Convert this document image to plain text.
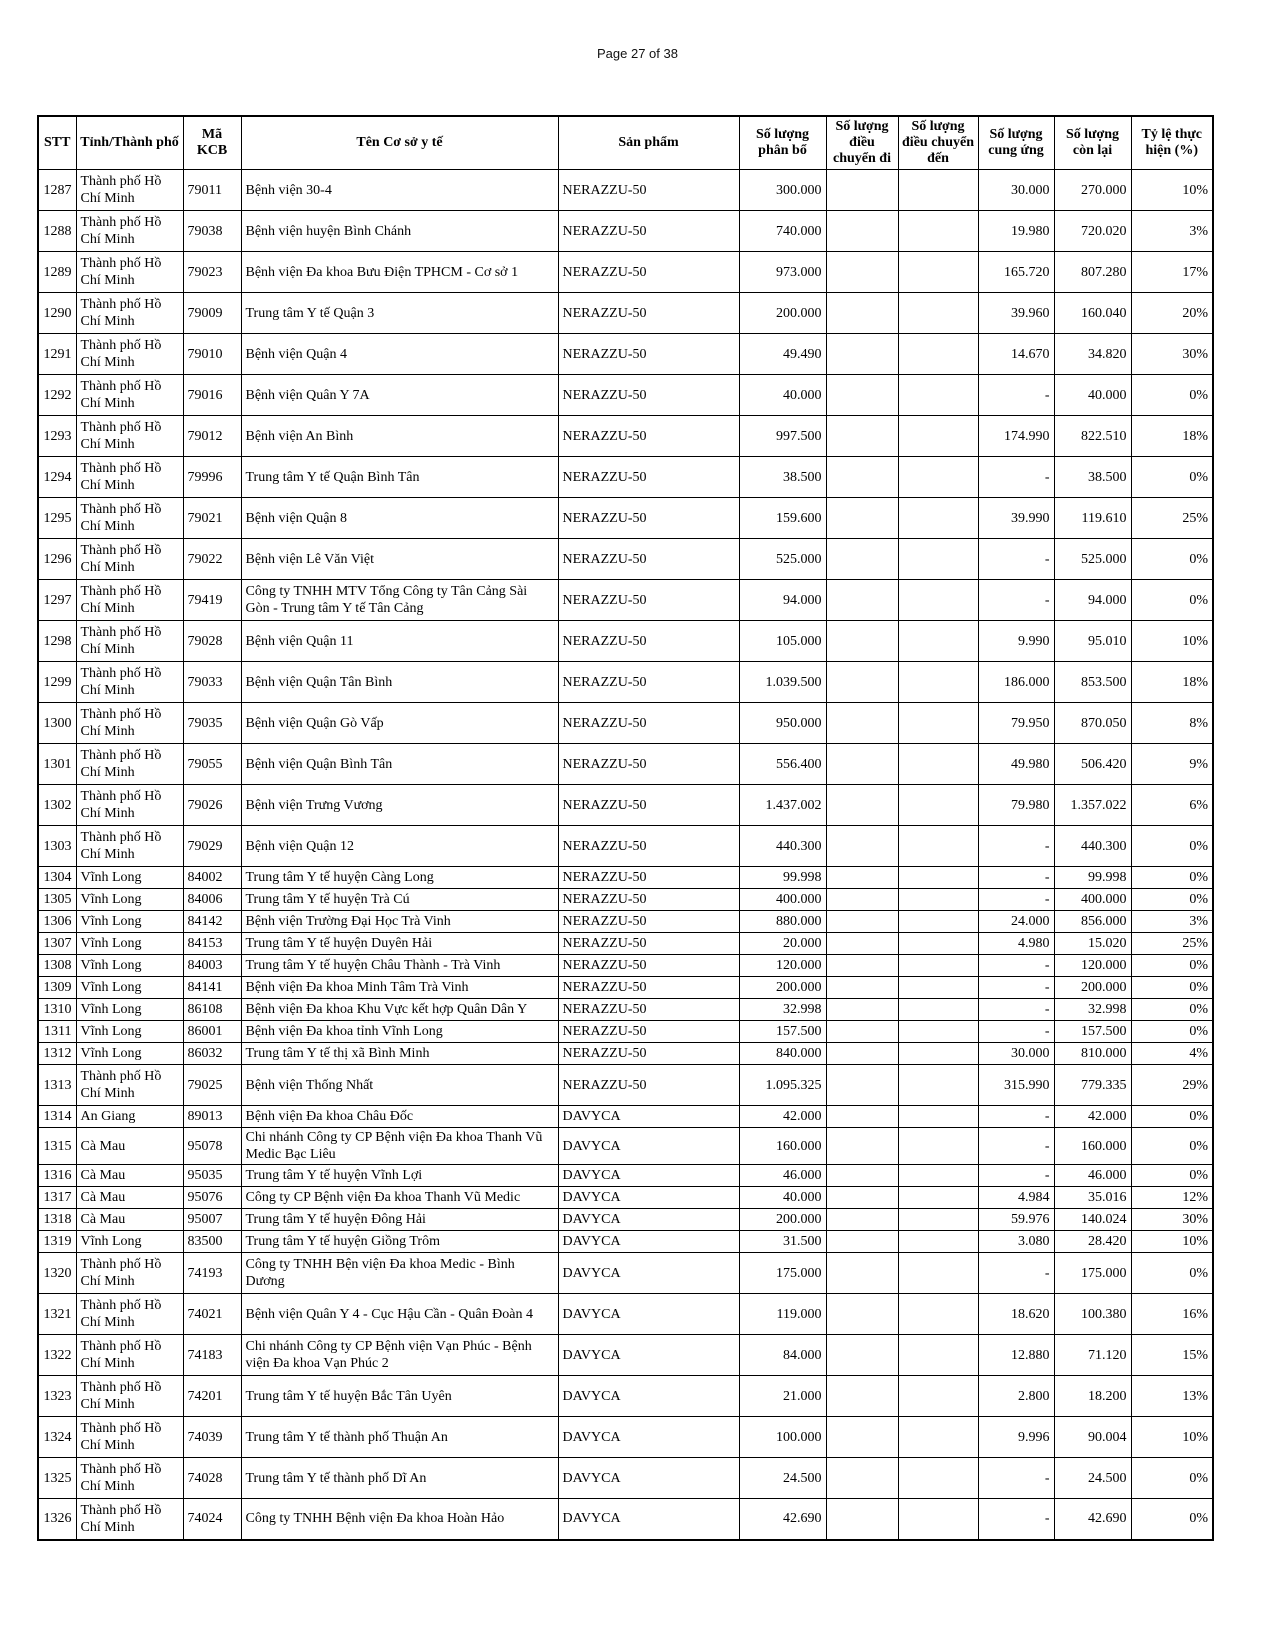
Page 27 of 38
STT	Tỉnh/Thành phố	Mã KCB	Tên Cơ sở y tế	Sản phẩm	Số lượng phân bổ	Số lượng điều chuyển đi	Số lượng điều chuyển đến	Số lượng cung ứng	Số lượng còn lại	Tỷ lệ thực hiện (%)
1287	Thành phố Hồ Chí Minh	79011	Bệnh viện 30-4	NERAZZU-50	300.000			30.000	270.000	10%
1288	Thành phố Hồ Chí Minh	79038	Bệnh viện huyện Bình Chánh	NERAZZU-50	740.000			19.980	720.020	3%
1289	Thành phố Hồ Chí Minh	79023	Bệnh viện Đa khoa Bưu Điện TPHCM - Cơ sở 1	NERAZZU-50	973.000			165.720	807.280	17%
1290	Thành phố Hồ Chí Minh	79009	Trung tâm Y tế Quận 3	NERAZZU-50	200.000			39.960	160.040	20%
1291	Thành phố Hồ Chí Minh	79010	Bệnh viện Quận 4	NERAZZU-50	49.490			14.670	34.820	30%
1292	Thành phố Hồ Chí Minh	79016	Bệnh viện Quân Y 7A	NERAZZU-50	40.000			-	40.000	0%
1293	Thành phố Hồ Chí Minh	79012	Bệnh viện An Bình	NERAZZU-50	997.500			174.990	822.510	18%
1294	Thành phố Hồ Chí Minh	79996	Trung tâm Y tế Quận Bình Tân	NERAZZU-50	38.500			-	38.500	0%
1295	Thành phố Hồ Chí Minh	79021	Bệnh viện Quận 8	NERAZZU-50	159.600			39.990	119.610	25%
1296	Thành phố Hồ Chí Minh	79022	Bệnh viện Lê Văn Việt	NERAZZU-50	525.000			-	525.000	0%
1297	Thành phố Hồ Chí Minh	79419	Công ty TNHH MTV Tổng Công ty Tân Cảng Sài Gòn - Trung tâm Y tế Tân Cảng	NERAZZU-50	94.000			-	94.000	0%
1298	Thành phố Hồ Chí Minh	79028	Bệnh viện Quận 11	NERAZZU-50	105.000			9.990	95.010	10%
1299	Thành phố Hồ Chí Minh	79033	Bệnh viện Quận Tân Bình	NERAZZU-50	1.039.500			186.000	853.500	18%
1300	Thành phố Hồ Chí Minh	79035	Bệnh viện Quận Gò Vấp	NERAZZU-50	950.000			79.950	870.050	8%
1301	Thành phố Hồ Chí Minh	79055	Bệnh viện Quận Bình Tân	NERAZZU-50	556.400			49.980	506.420	9%
1302	Thành phố Hồ Chí Minh	79026	Bệnh viện Trưng Vương	NERAZZU-50	1.437.002			79.980	1.357.022	6%
1303	Thành phố Hồ Chí Minh	79029	Bệnh viện Quận 12	NERAZZU-50	440.300			-	440.300	0%
1304	Vĩnh Long	84002	Trung tâm Y tế huyện Càng Long	NERAZZU-50	99.998			-	99.998	0%
1305	Vĩnh Long	84006	Trung tâm Y tế huyện Trà Cú	NERAZZU-50	400.000			-	400.000	0%
1306	Vĩnh Long	84142	Bệnh viện Trường Đại Học Trà Vinh	NERAZZU-50	880.000			24.000	856.000	3%
1307	Vĩnh Long	84153	Trung tâm Y tế huyện Duyên Hải	NERAZZU-50	20.000			4.980	15.020	25%
1308	Vĩnh Long	84003	Trung tâm Y tế huyện Châu Thành - Trà Vinh	NERAZZU-50	120.000			-	120.000	0%
1309	Vĩnh Long	84141	Bệnh viện Đa khoa Minh Tâm Trà Vinh	NERAZZU-50	200.000			-	200.000	0%
1310	Vĩnh Long	86108	Bệnh viện Đa khoa Khu Vực kết hợp Quân Dân Y	NERAZZU-50	32.998			-	32.998	0%
1311	Vĩnh Long	86001	Bệnh viện Đa khoa tỉnh Vĩnh Long	NERAZZU-50	157.500			-	157.500	0%
1312	Vĩnh Long	86032	Trung tâm Y tế thị xã Bình Minh	NERAZZU-50	840.000			30.000	810.000	4%
1313	Thành phố Hồ Chí Minh	79025	Bệnh viện Thống Nhất	NERAZZU-50	1.095.325			315.990	779.335	29%
1314	An Giang	89013	Bệnh viện Đa khoa Châu Đốc	DAVYCA	42.000			-	42.000	0%
1315	Cà Mau	95078	Chi nhánh Công ty CP Bệnh viện Đa khoa Thanh Vũ Medic Bạc Liêu	DAVYCA	160.000			-	160.000	0%
1316	Cà Mau	95035	Trung tâm Y tế huyện Vĩnh Lợi	DAVYCA	46.000			-	46.000	0%
1317	Cà Mau	95076	Công ty CP Bệnh viện Đa khoa Thanh Vũ Medic	DAVYCA	40.000			4.984	35.016	12%
1318	Cà Mau	95007	Trung tâm Y tế huyện Đông Hải	DAVYCA	200.000			59.976	140.024	30%
1319	Vĩnh Long	83500	Trung tâm Y tế huyện Giồng Trôm	DAVYCA	31.500			3.080	28.420	10%
1320	Thành phố Hồ Chí Minh	74193	Công ty TNHH Bện viện Đa khoa Medic - Bình Dương	DAVYCA	175.000			-	175.000	0%
1321	Thành phố Hồ Chí Minh	74021	Bệnh viện Quân Y 4 - Cục Hậu Cần - Quân Đoàn 4	DAVYCA	119.000			18.620	100.380	16%
1322	Thành phố Hồ Chí Minh	74183	Chi nhánh Công ty CP Bệnh viện Vạn Phúc - Bệnh viện Đa khoa Vạn Phúc 2	DAVYCA	84.000			12.880	71.120	15%
1323	Thành phố Hồ Chí Minh	74201	Trung tâm Y tế huyện Bắc Tân Uyên	DAVYCA	21.000			2.800	18.200	13%
1324	Thành phố Hồ Chí Minh	74039	Trung tâm Y tế thành phố Thuận An	DAVYCA	100.000			9.996	90.004	10%
1325	Thành phố Hồ Chí Minh	74028	Trung tâm Y tế thành phố Dĩ An	DAVYCA	24.500			-	24.500	0%
1326	Thành phố Hồ Chí Minh	74024	Công ty TNHH Bệnh viện Đa khoa Hoàn Hảo	DAVYCA	42.690			-	42.690	0%
